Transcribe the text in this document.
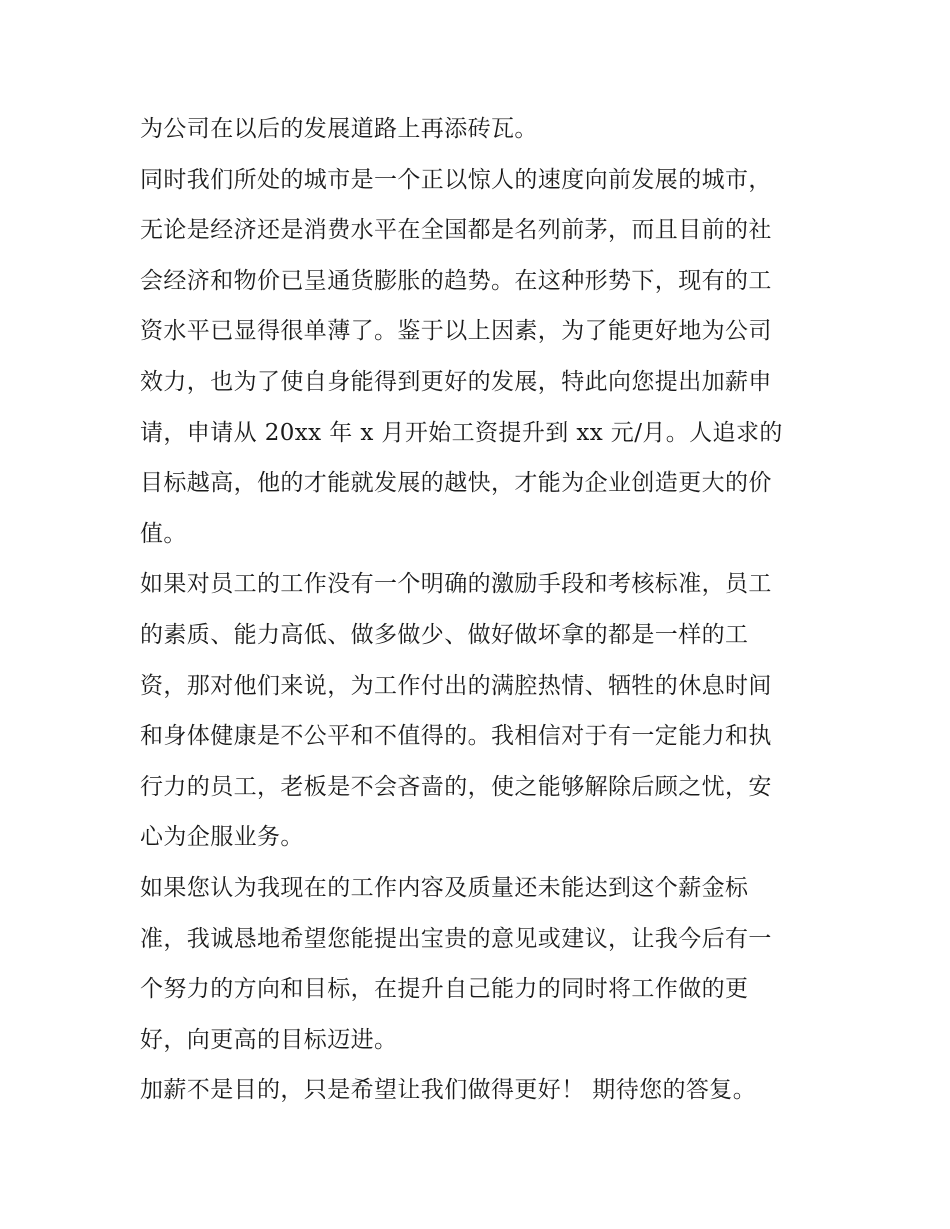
为公司在以后的发展道路上再添砖瓦。
同时我们所处的城市是一个正以惊人的速度向前发展的城市，
无论是经济还是消费水平在全国都是名列前茅，而且目前的社
会经济和物价已呈通货膨胀的趋势。在这种形势下，现有的工
资水平已显得很单薄了。鉴于以上因素，为了能更好地为公司
效力，也为了使自身能得到更好的发展，特此向您提出加薪申
请，申请从 20xx 年 x 月开始工资提升到 xx 元/月。人追求的
目标越高，他的才能就发展的越快，才能为企业创造更大的价
值。
如果对员工的工作没有一个明确的激励手段和考核标准，员工
的素质、能力高低、做多做少、做好做坏拿的都是一样的工
资，那对他们来说，为工作付出的满腔热情、牺牲的休息时间
和身体健康是不公平和不值得的。我相信对于有一定能力和执
行力的员工，老板是不会吝啬的，使之能够解除后顾之忧，安
心为企服业务。
如果您认为我现在的工作内容及质量还未能达到这个薪金标
准，我诚恳地希望您能提出宝贵的意见或建议，让我今后有一
个努力的方向和目标，在提升自己能力的同时将工作做的更
好，向更高的目标迈进。
加薪不是目的，只是希望让我们做得更好！ 期待您的答复。
